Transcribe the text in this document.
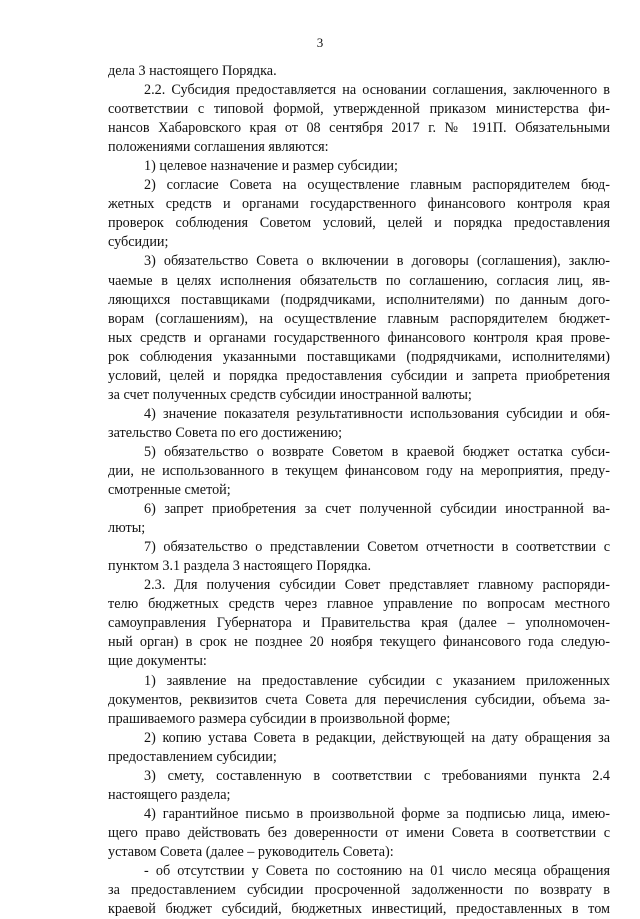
3
дела 3 настоящего Порядка.
2.2. Субсидия предоставляется на основании соглашения, заключенного в
соответствии с типовой формой, утвержденной приказом министерства фи-
нансов Хабаровского края от 08 сентября 2017 г. № 191П. Обязательными
положениями соглашения являются:
1) целевое назначение и размер субсидии;
2) согласие Совета на осуществление главным распорядителем бюд-
жетных средств и органами государственного финансового контроля края
проверок соблюдения Советом условий, целей и порядка предоставления
субсидии;
3) обязательство Совета о включении в договоры (соглашения), заклю-
чаемые в целях исполнения обязательств по соглашению, согласия лиц, яв-
ляющихся поставщиками (подрядчиками, исполнителями) по данным дого-
ворам (соглашениям), на осуществление главным распорядителем бюджет-
ных средств и органами государственного финансового контроля края прове-
рок соблюдения указанными поставщиками (подрядчиками, исполнителями)
условий, целей и порядка предоставления субсидии и запрета приобретения
за счет полученных средств субсидии иностранной валюты;
4) значение показателя результативности использования субсидии и обя-
зательство Совета по его достижению;
5) обязательство о возврате Советом в краевой бюджет остатка субси-
дии, не использованного в текущем финансовом году на мероприятия, преду-
смотренные сметой;
6) запрет приобретения за счет полученной субсидии иностранной ва-
люты;
7) обязательство о представлении Советом отчетности в соответствии с
пунктом 3.1 раздела 3 настоящего Порядка.
2.3. Для получения субсидии Совет представляет главному распоряди-
телю бюджетных средств через главное управление по вопросам местного
самоуправления Губернатора и Правительства края (далее – уполномочен-
ный орган) в срок не позднее 20 ноября текущего финансового года следую-
щие документы:
1) заявление на предоставление субсидии с указанием приложенных
документов, реквизитов счета Совета для перечисления субсидии, объема за-
прашиваемого размера субсидии в произвольной форме;
2) копию устава Совета в редакции, действующей на дату обращения за
предоставлением субсидии;
3) смету, составленную в соответствии с требованиями пункта 2.4
настоящего раздела;
4) гарантийное письмо в произвольной форме за подписью лица, имею-
щего право действовать без доверенности от имени Совета в соответствии с
уставом Совета (далее – руководитель Совета):
- об отсутствии у Совета по состоянию на 01 число месяца обращения
за предоставлением субсидии просроченной задолженности по возврату в
краевой бюджет субсидий, бюджетных инвестиций, предоставленных в том
